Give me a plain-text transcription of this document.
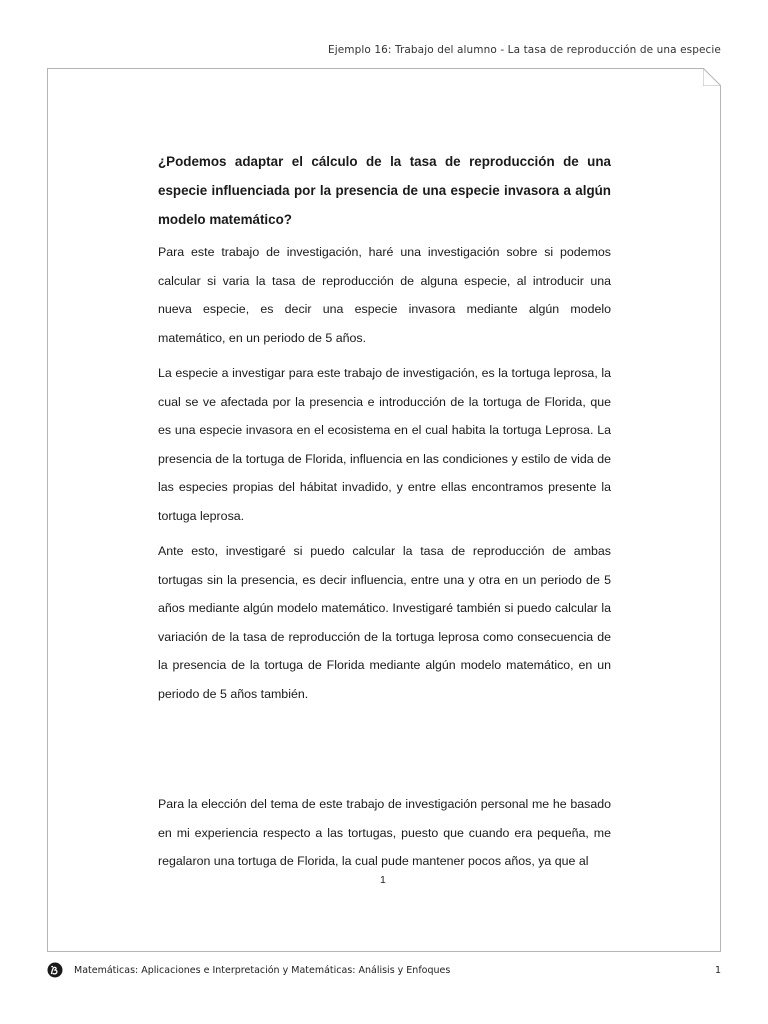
Ejemplo 16: Trabajo del alumno - La tasa de reproducción de una especie

¿Podemos adaptar el cálculo de la tasa de reproducción de una especie influenciada por la presencia de una especie invasora a algún modelo matemático?

Para este trabajo de investigación, haré una investigación sobre si podemos calcular si varia la tasa de reproducción de alguna especie, al introducir una nueva especie, es decir una especie invasora mediante algún modelo matemático, en un periodo de 5 años.

La especie a investigar para este trabajo de investigación, es la tortuga leprosa, la cual se ve afectada por la presencia e introducción de la tortuga de Florida, que es una especie invasora en el ecosistema en el cual habita la tortuga Leprosa. La presencia de la tortuga de Florida, influencia en las condiciones y estilo de vida de las especies propias del hábitat invadido, y entre ellas encontramos presente la tortuga leprosa.

Ante esto, investigaré si puedo calcular la tasa de reproducción de ambas tortugas sin la presencia, es decir influencia, entre una y otra en un periodo de 5 años mediante algún modelo matemático. Investigaré también si puedo calcular la variación de la tasa de reproducción de la tortuga leprosa como consecuencia de la presencia de la tortuga de Florida mediante algún modelo matemático, en un periodo de 5 años también.

Para la elección del tema de este trabajo de investigación personal me he basado en mi experiencia respecto a las tortugas, puesto que cuando era pequeña, me regalaron una tortuga de Florida, la cual pude mantener pocos años, ya que al

1
Matemáticas: Aplicaciones e Interpretación y Matemáticas: Análisis y Enfoques	1
